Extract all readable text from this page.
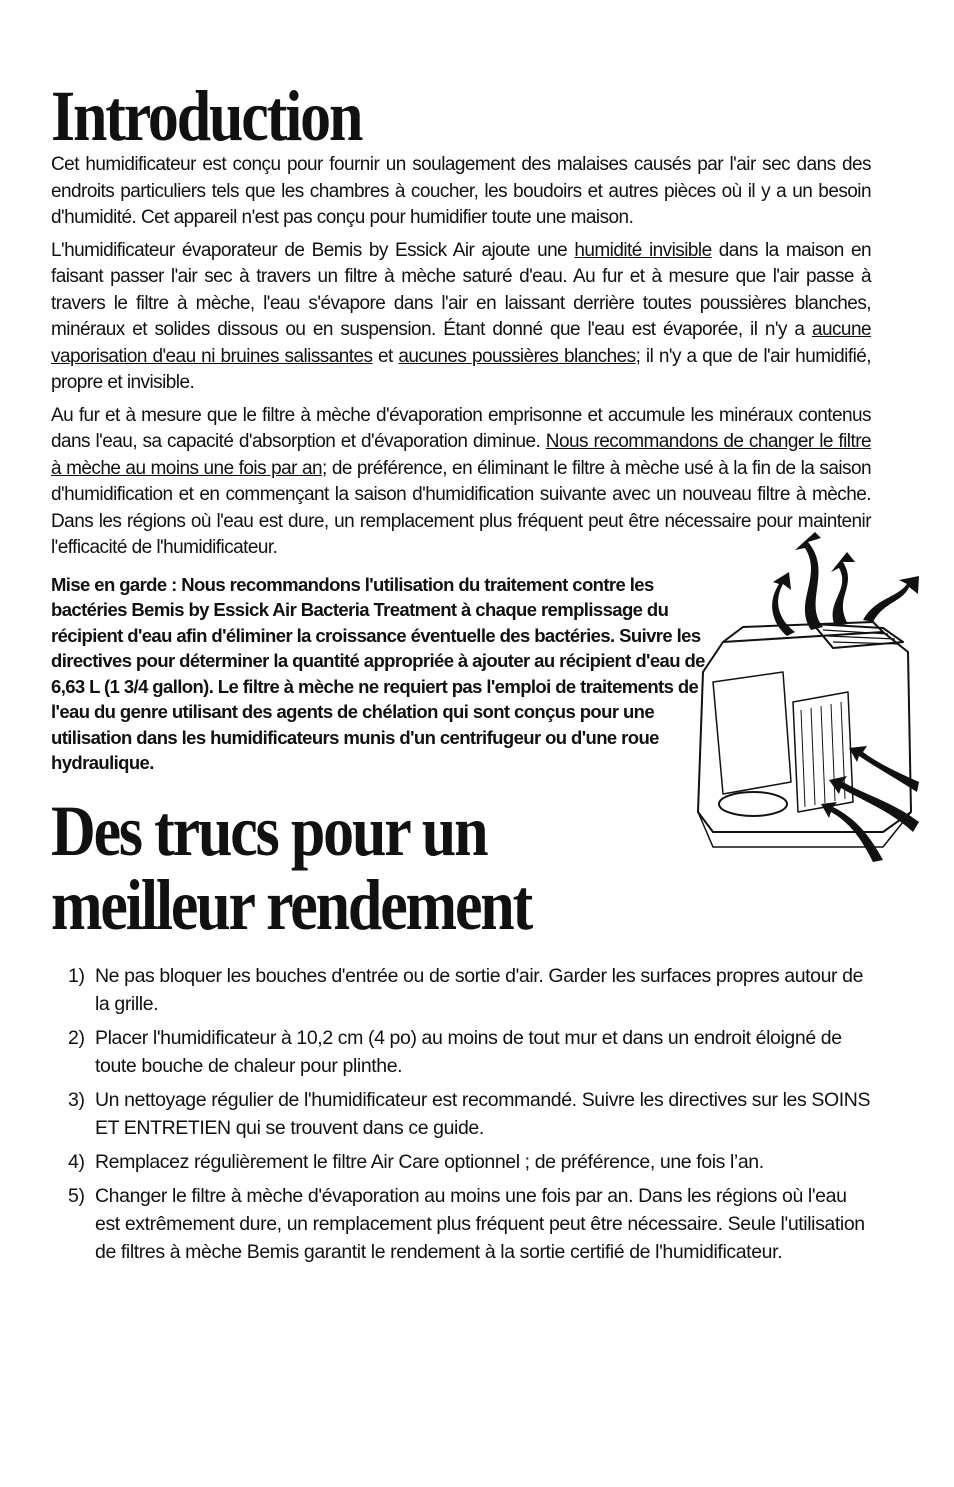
Introduction

Cet humidificateur est conçu pour fournir un soulagement des malaises causés par l'air sec dans des endroits particuliers tels que les chambres à coucher, les boudoirs et autres pièces où il y a un besoin d'humidité. Cet appareil n'est pas conçu pour humidifier toute une maison.

L'humidificateur évaporateur de Bemis by Essick Air ajoute une humidité invisible dans la maison en faisant passer l'air sec à travers un filtre à mèche saturé d'eau. Au fur et à mesure que l'air passe à travers le filtre à mèche, l'eau s'évapore dans l'air en laissant derrière toutes poussières blanches, minéraux et solides dissous ou en suspension. Étant donné que l'eau est évaporée, il n'y a aucune vaporisation d'eau ni bruines salissantes et aucunes poussières blanches; il n'y a que de l'air humidifié, propre et invisible.

Au fur et à mesure que le filtre à mèche d'évaporation emprisonne et accumule les minéraux contenus dans l'eau, sa capacité d'absorption et d'évaporation diminue. Nous recommandons de changer le filtre à mèche au moins une fois par an; de préférence, en éliminant le filtre à mèche usé à la fin de la saison d'humidification et en commençant la saison d'humidification suivante avec un nouveau filtre à mèche. Dans les régions où l'eau est dure, un remplacement plus fréquent peut être nécessaire pour maintenir l'efficacité de l'humidificateur.

Mise en garde : Nous recommandons l'utilisation du traitement contre les bactéries Bemis by Essick Air Bacteria Treatment à chaque remplissage du récipient d'eau afin d'éliminer la croissance éventuelle des bactéries. Suivre les directives pour déterminer la quantité appropriée à ajouter au récipient d'eau de 6,63 L (1 3/4 gallon). Le filtre à mèche ne requiert pas l'emploi de traitements de l'eau du genre utilisant des agents de chélation qui sont conçus pour une utilisation dans les humidificateurs munis d'un centrifugeur ou d'une roue hydraulique.

Des trucs pour un
meilleur rendement
1) Ne pas bloquer les bouches d'entrée ou de sortie d'air. Garder les surfaces propres autour de la grille.
2) Placer l'humidificateur à 10,2 cm (4 po) au moins de tout mur et dans un endroit éloigné de toute bouche de chaleur pour plinthe.
3) Un nettoyage régulier de l'humidificateur est recommandé. Suivre les directives sur les SOINS ET ENTRETIEN qui se trouvent dans ce guide.
4) Remplacez régulièrement le filtre Air Care optionnel ; de préférence, une fois l’an.
5) Changer le filtre à mèche d'évaporation au moins une fois par an. Dans les régions où l'eau est extrêmement dure, un remplacement plus fréquent peut être nécessaire. Seule l'utilisation de filtres à mèche Bemis garantit le rendement à la sortie certifié de l'humidificateur.
